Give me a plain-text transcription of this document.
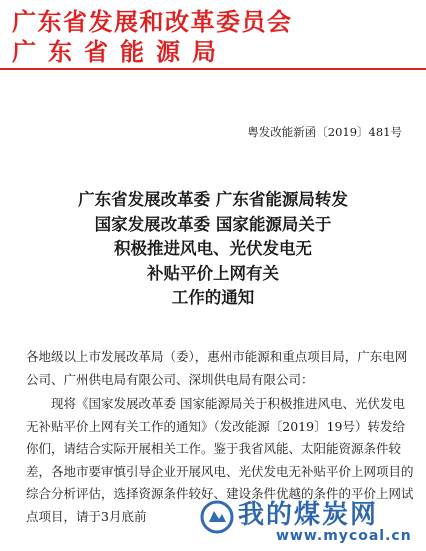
广东省发展和改革委员会
广东省能源局
粤发改能新函〔2019〕481号
广东省发展改革委 广东省能源局转发
国家发展改革委 国家能源局关于
积极推进风电、光伏发电无
补贴平价上网有关
工作的通知

各地级以上市发展改革局（委），惠州市能源和重点项目局，广东电网公司、广州供电局有限公司、深圳供电局有限公司：

现将《国家发展改革委 国家能源局关于积极推进风电、光伏发电无补贴平价上网有关工作的通知》（发改能源〔2019〕19号）转发给你们，请结合实际开展相关工作。鉴于我省风能、太阳能资源条件较差，各地市要审慎引导企业开展风电、光伏发电无补贴平价上网项目的综合分析评估，选择资源条件较好、建设条件优越的条件的平价上网试点项目，请于3月底前	我的煤炭网
www.mycoal.cn
